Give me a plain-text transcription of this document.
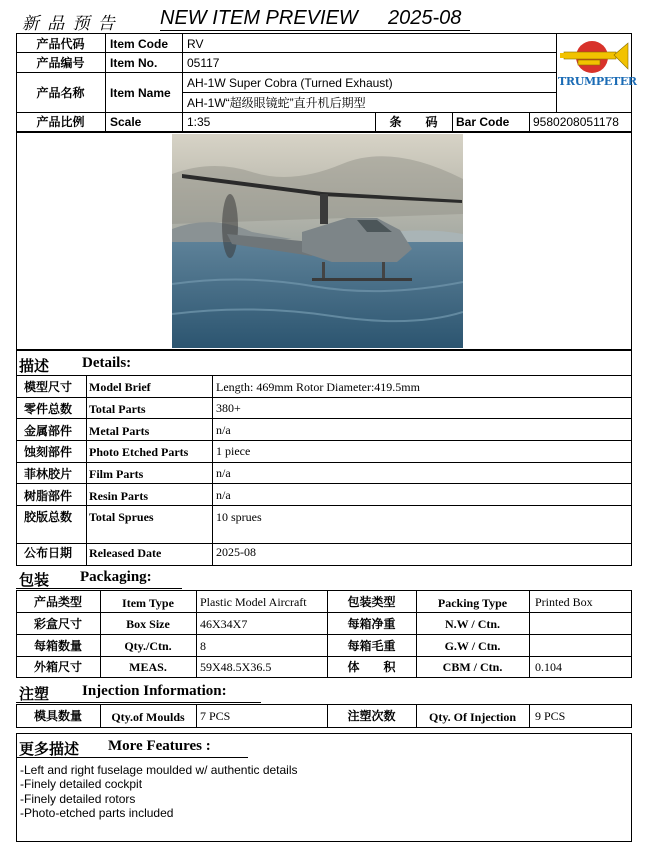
新 品 预 告 NEW ITEM PREVIEW 2025-08
产品代码	Item Code RV
产品编号	Item No. 05117
产品名称	Item Name
AH-1W Super Cobra (Turned Exhaust)
AH-1W“超级眼镜蛇”直升机后期型
产品比例	Scale	1:35	条　　码	Bar Code 9580208051178
TRUMPETER
描述 Details:
模型尺寸 Model Brief	Length: 469mm Rotor Diameter:419.5mm
零件总数 Total Parts	380+
金属部件 Metal Parts	n/a
蚀刻部件 Photo Etched Parts 1 piece
菲林胶片 Film Parts	n/a
树脂部件 Resin Parts	n/a
胶版总数 Total Sprues	10 sprues
公布日期 Released Date	2025-08
包装 Packaging:
产品类型	Item Type	Plastic Model Aircraft	包装类型	Packing Type	Printed Box
彩盒尺寸	Box Size	46X34X7	每箱净重	N.W / Ctn.
每箱数量	Qty./Ctn.	8	每箱毛重	G.W / Ctn.
外箱尺寸	MEAS.	59X48.5X36.5	体　　积	CBM / Ctn.	0.104
注塑 Injection Information:
模具数量	Qty.of Moulds	7 PCS	注塑次数	Qty. Of Injection	9 PCS
更多描述 More Features :
-Left and right fuselage moulded w/ authentic details
-Finely detailed cockpit
-Finely detailed rotors
-Photo-etched parts included
